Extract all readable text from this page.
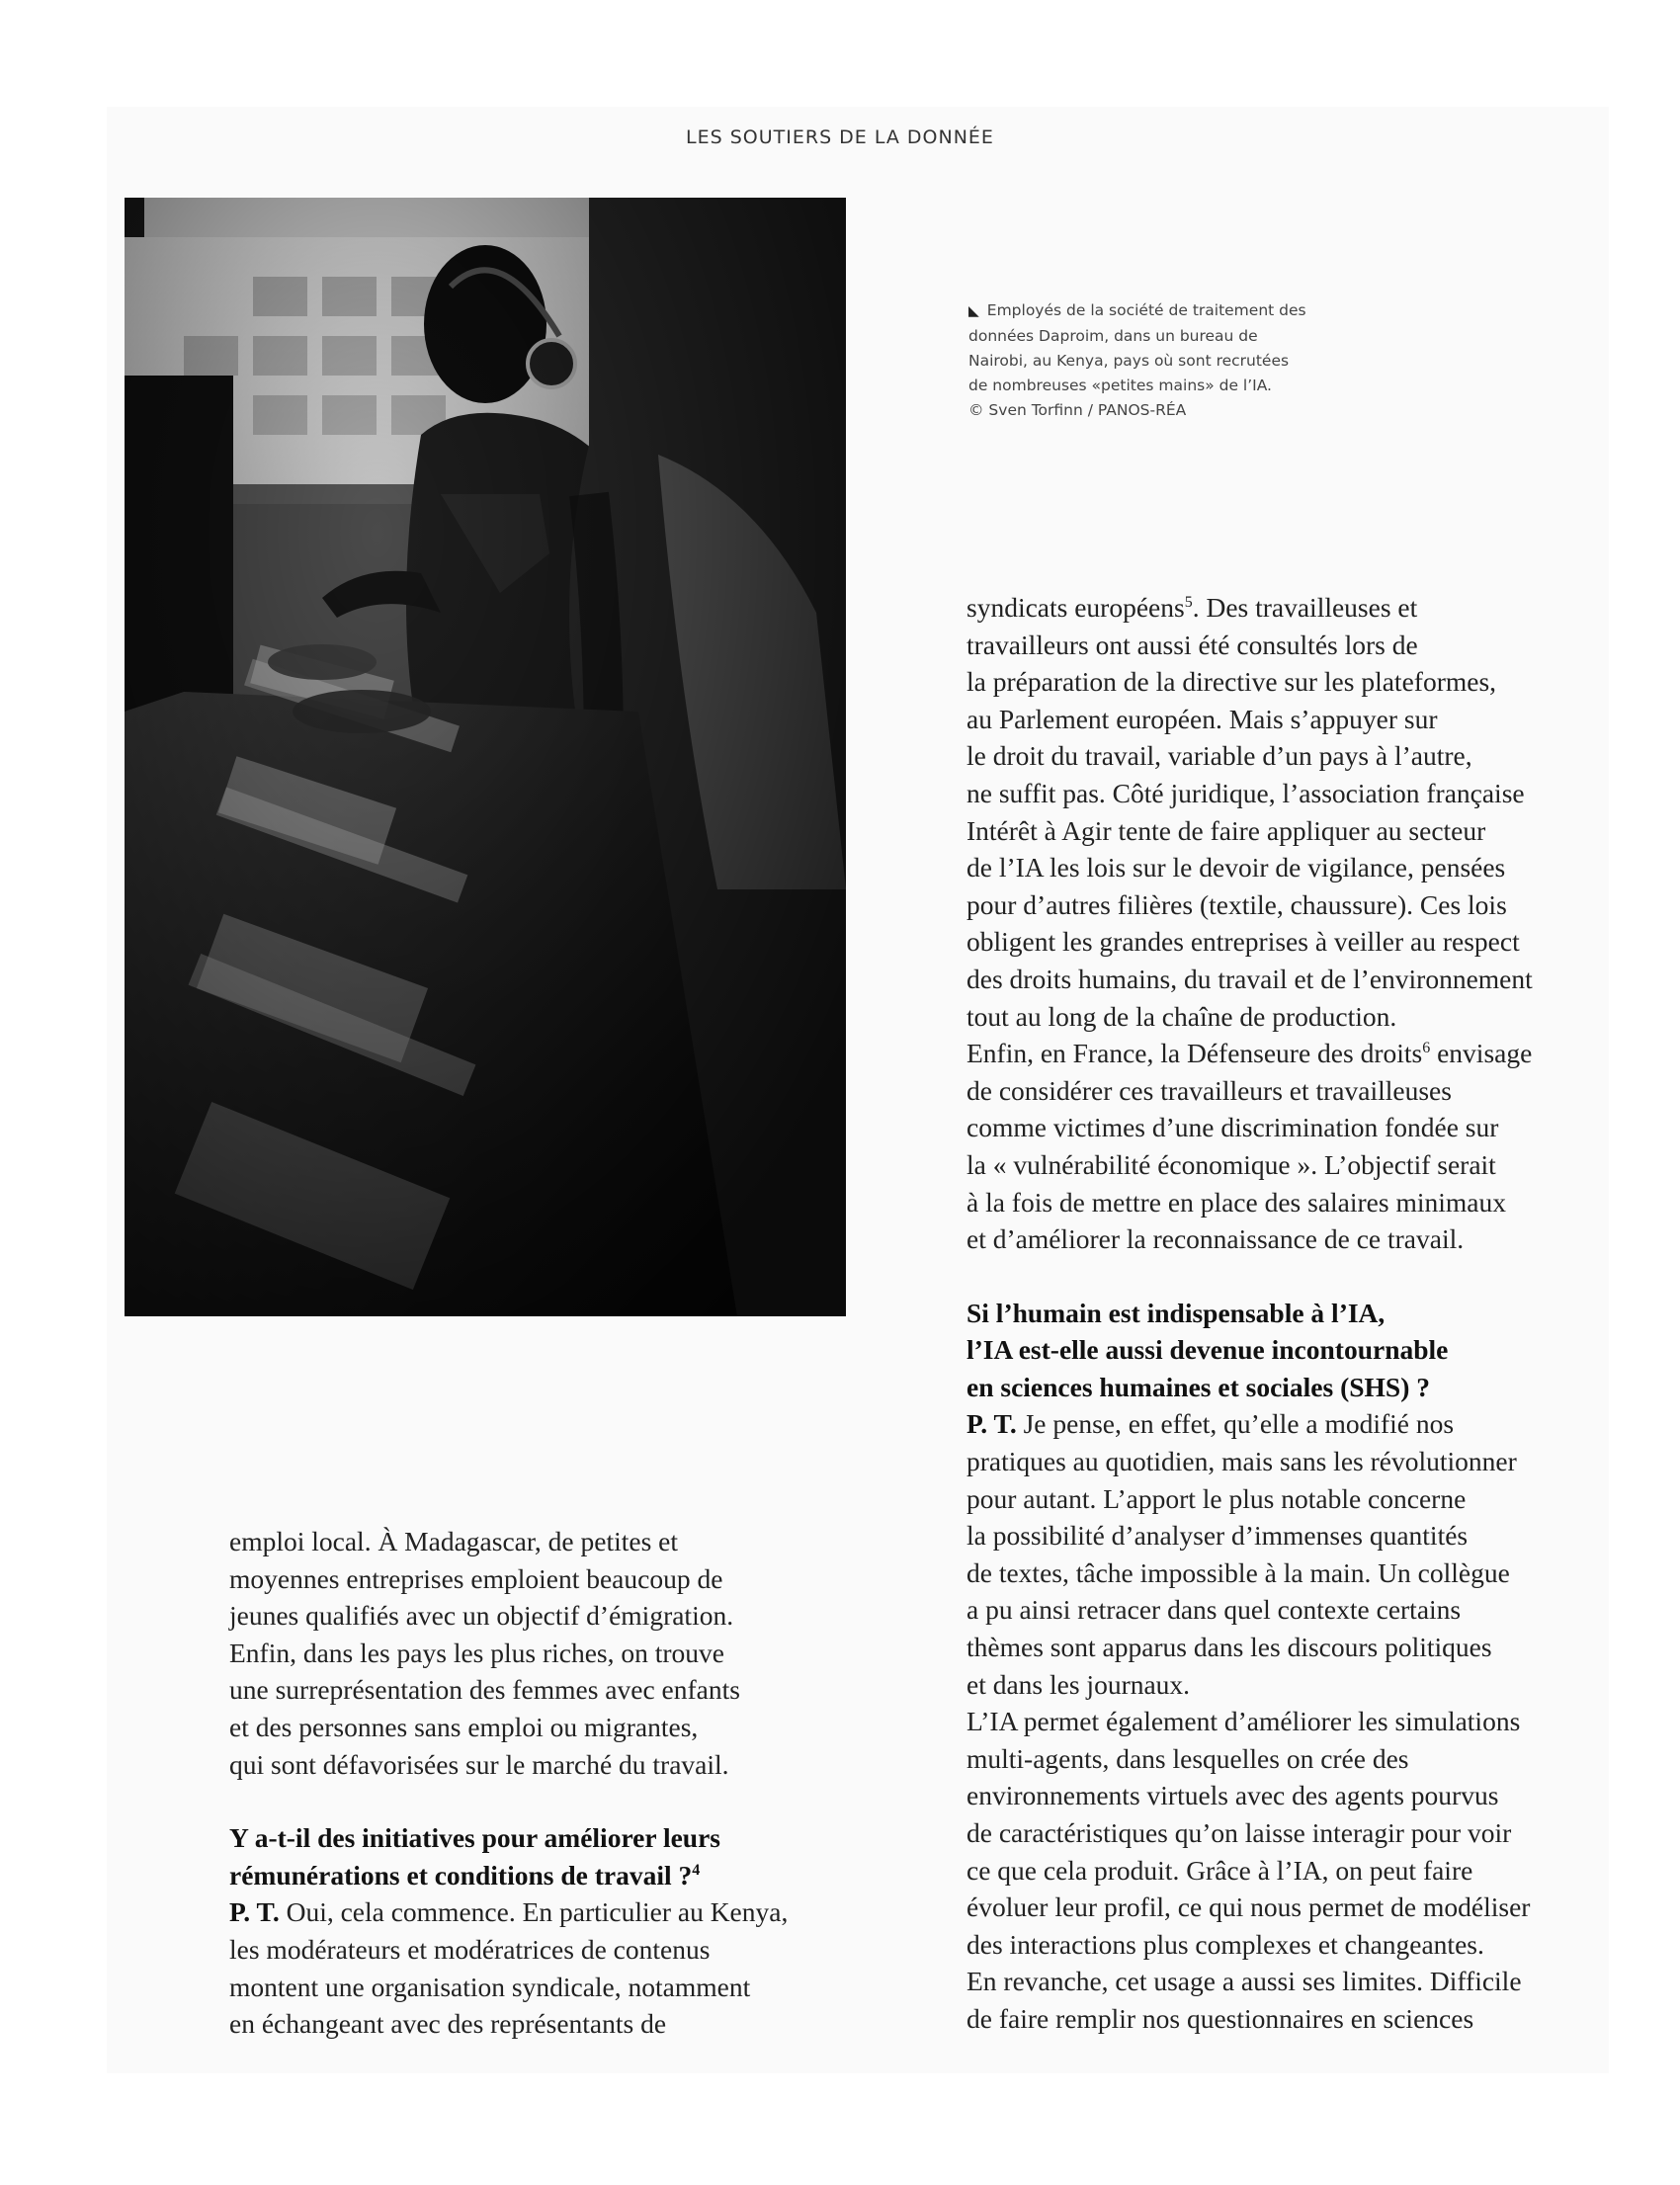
LES SOUTIERS DE LA DONNÉE
◣ Employés de la société de traitement des
données Daproim, dans un bureau de
Nairobi, au Kenya, pays où sont recrutées
de nombreuses «petites mains» de l’IA.
© Sven Torfinn / PANOS-RÉA
syndicats européens$^5$. Des travailleuses et
travailleurs ont aussi été consultés lors de
la préparation de la directive sur les plateformes,
au Parlement européen. Mais s’appuyer sur
le droit du travail, variable d’un pays à l’autre,
ne suffit pas. Côté juridique, l’association française
Intérêt à Agir tente de faire appliquer au secteur
de l’IA les lois sur le devoir de vigilance, pensées
pour d’autres filières (textile, chaussure). Ces lois
obligent les grandes entreprises à veiller au respect
des droits humains, du travail et de l’environnement
tout au long de la chaîne de production.
Enfin, en France, la Défenseure des droits$^6$ envisage
de considérer ces travailleurs et travailleuses
comme victimes d’une discrimination fondée sur
la « vulnérabilité économique ». L’objectif serait
à la fois de mettre en place des salaires minimaux
et d’améliorer la reconnaissance de ce travail.
Si l’humain est indispensable à l’IA,
l’IA est-elle aussi devenue incontournable
en sciences humaines et sociales (SHS) ?
P. T. Je pense, en effet, qu’elle a modifié nos
pratiques au quotidien, mais sans les révolutionner
pour autant. L’apport le plus notable concerne
la possibilité d’analyser d’immenses quantités
de textes, tâche impossible à la main. Un collègue
a pu ainsi retracer dans quel contexte certains
thèmes sont apparus dans les discours politiques
et dans les journaux.
L’IA permet également d’améliorer les simulations
multi-agents, dans lesquelles on crée des
environnements virtuels avec des agents pourvus
de caractéristiques qu’on laisse interagir pour voir
ce que cela produit. Grâce à l’IA, on peut faire
évoluer leur profil, ce qui nous permet de modéliser
des interactions plus complexes et changeantes.
En revanche, cet usage a aussi ses limites. Difficile
de faire remplir nos questionnaires en sciences
emploi local. À Madagascar, de petites et
moyennes entreprises emploient beaucoup de
jeunes qualifiés avec un objectif d’émigration.
Enfin, dans les pays les plus riches, on trouve
une surreprésentation des femmes avec enfants
et des personnes sans emploi ou migrantes,
qui sont défavorisées sur le marché du travail.
Y a-t-il des initiatives pour améliorer leurs
rémunérations et conditions de travail ?$^4$
P. T. Oui, cela commence. En particulier au Kenya,
les modérateurs et modératrices de contenus
montent une organisation syndicale, notamment
en échangeant avec des représentants de
